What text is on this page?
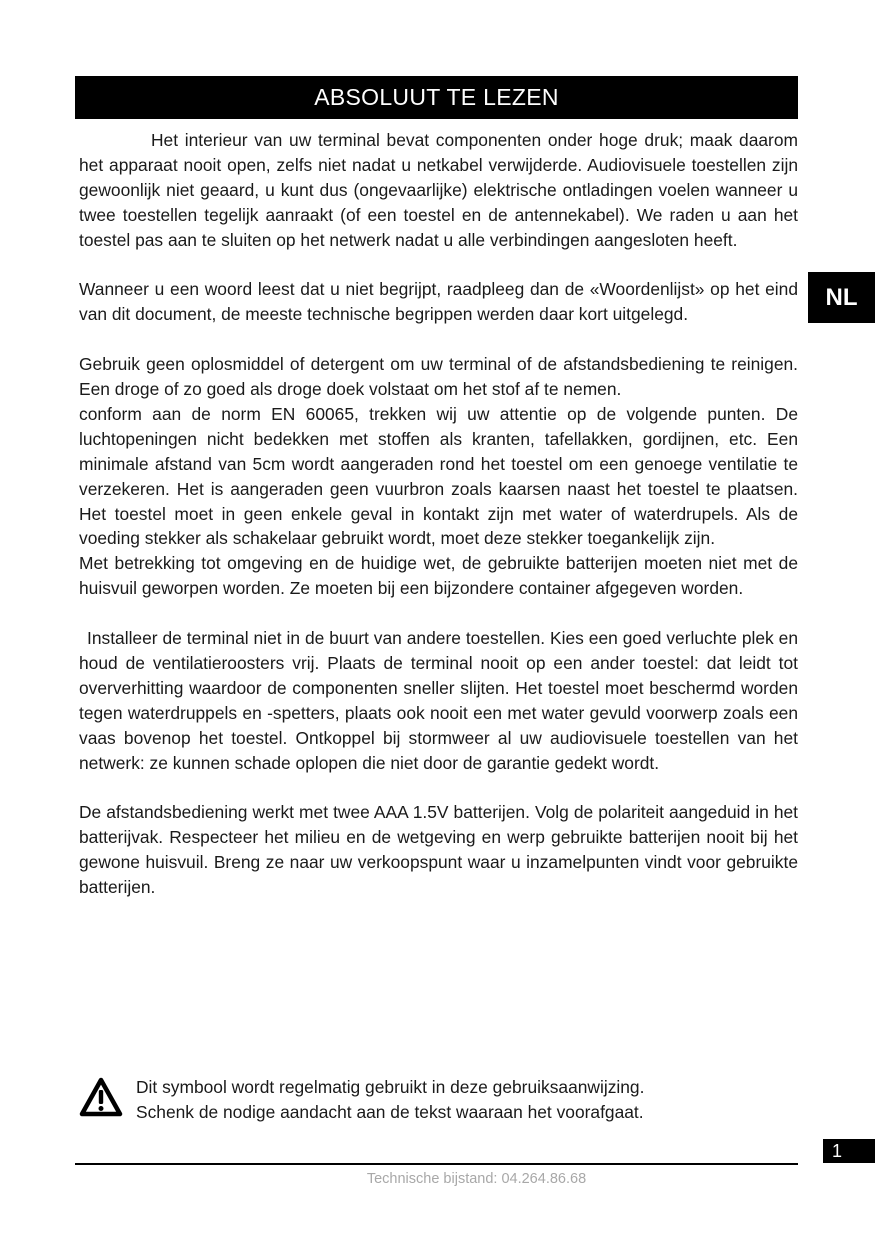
ABSOLUUT TE LEZEN
NL

Het interieur van uw terminal bevat componenten onder hoge druk; maak daarom het apparaat nooit open, zelfs niet nadat u netkabel verwijderde. Audiovisuele toestellen zijn gewoonlijk niet geaard, u kunt dus (ongevaarlijke) elektrische ontladingen voelen wanneer u twee toestellen tegelijk aanraakt (of een toestel en de antennekabel). We raden u aan het toestel pas aan te sluiten op het netwerk nadat u alle verbindingen aangesloten heeft.

Wanneer u een woord leest dat u niet begrijpt, raadpleeg dan de «Woordenlijst» op het eind van dit document, de meeste technische begrippen werden daar kort uitgelegd.

Gebruik geen oplosmiddel of detergent om uw terminal of de afstandsbediening te reinigen. Een droge of zo goed als droge doek volstaat om het stof af te nemen.

conform aan de norm EN 60065, trekken wij uw attentie op de volgende punten. De luchtopeningen nicht bedekken met stoffen als kranten, tafellakken, gordijnen, etc. Een minimale afstand van 5cm wordt aangeraden rond het toestel om een genoege ventilatie te verzekeren. Het is aangeraden geen vuurbron zoals kaarsen naast het toestel te plaatsen. Het toestel moet in geen enkele geval in kontakt zijn met water of waterdrupels. Als de voeding stekker als schakelaar gebruikt wordt, moet deze stekker toegankelijk zijn.

Met betrekking tot omgeving en de huidige wet, de gebruikte batterijen moeten niet met de huisvuil geworpen worden. Ze moeten bij een bijzondere container afgegeven worden.

Installeer de terminal niet in de buurt van andere toestellen. Kies een goed verluchte plek en houd de ventilatieroosters vrij. Plaats de terminal nooit op een ander toestel: dat leidt tot oververhitting waardoor de componenten sneller slijten. Het toestel moet beschermd worden tegen waterdruppels en -spetters, plaats ook nooit een met water gevuld voorwerp zoals een vaas bovenop het toestel. Ontkoppel bij stormweer al uw audiovisuele toestellen van het netwerk: ze kunnen schade oplopen die niet door de garantie gedekt wordt.

De afstandsbediening werkt met twee AAA 1.5V batterijen. Volg de polariteit aangeduid in het batterijvak. Respecteer het milieu en de wetgeving en werp gebruikte batterijen nooit bij het gewone huisvuil. Breng ze naar uw verkoopspunt waar u inzamelpunten vindt voor gebruikte batterijen.

Dit symbool wordt regelmatig gebruikt in deze gebruiksaanwijzing.
Schenk de nodige aandacht aan de tekst waaraan het voorafgaat.
1
Technische bijstand: 04.264.86.68
